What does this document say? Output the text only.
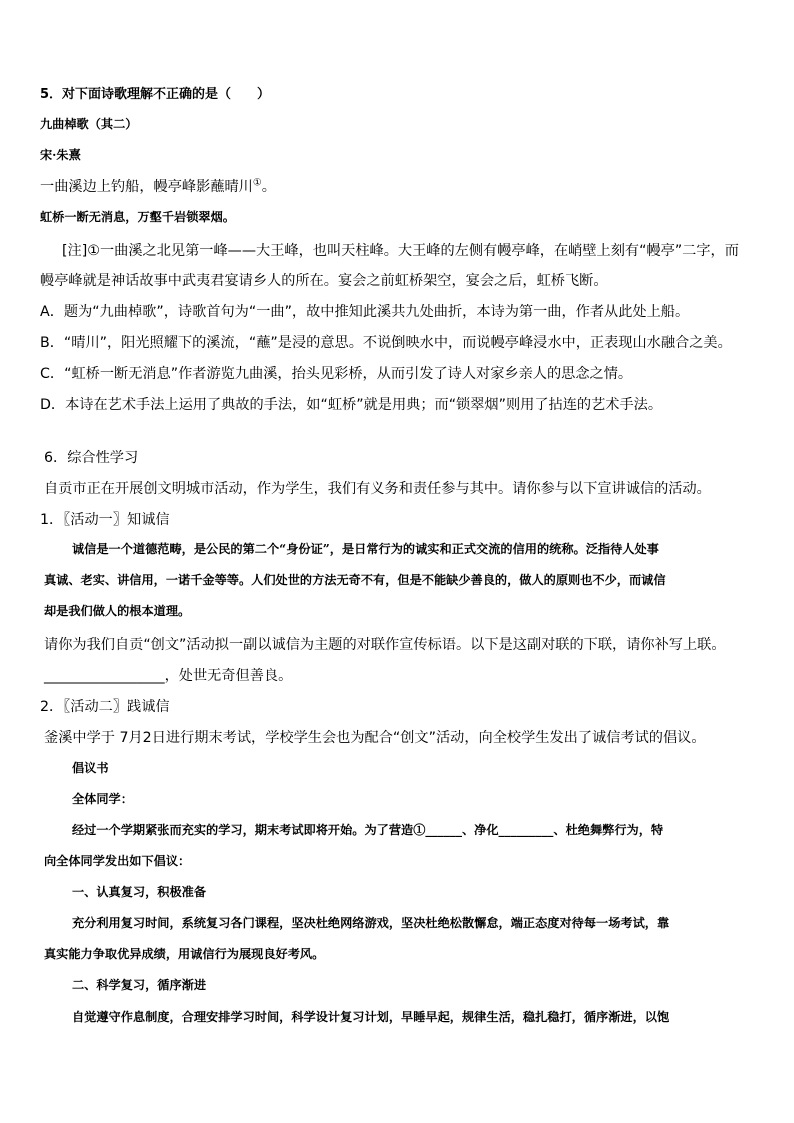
5．对下面诗歌理解不正确的是（　　）
九曲棹歌（其二）
宋·朱熹
一曲溪边上钓船，幔亭峰影蘸晴川①。
虹桥一断无消息，万壑千岩锁翠烟。
[注]①一曲溪之北见第一峰——大王峰，也叫天柱峰。大王峰的左侧有幔亭峰，在峭壁上刻有“幔亭”二字，而
幔亭峰就是神话故事中武夷君宴请乡人的所在。宴会之前虹桥架空，宴会之后，虹桥飞断。
A．题为“九曲棹歌”，诗歌首句为“一曲”，故中推知此溪共九处曲折，本诗为第一曲，作者从此处上船。
B．“晴川”，阳光照耀下的溪流，“蘸”是浸的意思。不说倒映水中，而说幔亭峰浸水中，正表现山水融合之美。
C．“虹桥一断无消息”作者游览九曲溪，抬头见彩桥，从而引发了诗人对家乡亲人的思念之情。
D．本诗在艺术手法上运用了典故的手法，如“虹桥”就是用典；而“锁翠烟”则用了拈连的艺术手法。
6．综合性学习
自贡市正在开展创文明城市活动，作为学生，我们有义务和责任参与其中。请你参与以下宣讲诚信的活动。
1．〖活动一〗知诚信
诚信是一个道德范畴，是公民的第二个“身份证”，是日常行为的诚实和正式交流的信用的统称。泛指待人处事
真诚、老实、讲信用，一诺千金等等。人们处世的方法无奇不有，但是不能缺少善良的，做人的原则也不少，而诚信
却是我们做人的根本道理。
请你为我们自贡“创文”活动拟一副以诚信为主题的对联作宣传标语。以下是这副对联的下联，请你补写上联。
_________________，处世无奇但善良。
2．〖活动二〗践诚信
釜溪中学于 7月2日进行期末考试，学校学生会也为配合“创文”活动，向全校学生发出了诚信考试的倡议。
倡议书
全体同学：
经过一个学期紧张而充实的学习，期末考试即将开始。为了营造①______、净化_________、杜绝舞弊行为，特
向全体同学发出如下倡议：
一、认真复习，积极准备
充分利用复习时间，系统复习各门课程，坚决杜绝网络游戏，坚决杜绝松散懈怠，端正态度对待每一场考试，靠
真实能力争取优异成绩，用诚信行为展现良好考风。
二、科学复习，循序渐进
自觉遵守作息制度，合理安排学习时间，科学设计复习计划，早睡早起，规律生活，稳扎稳打，循序渐进，以饱
